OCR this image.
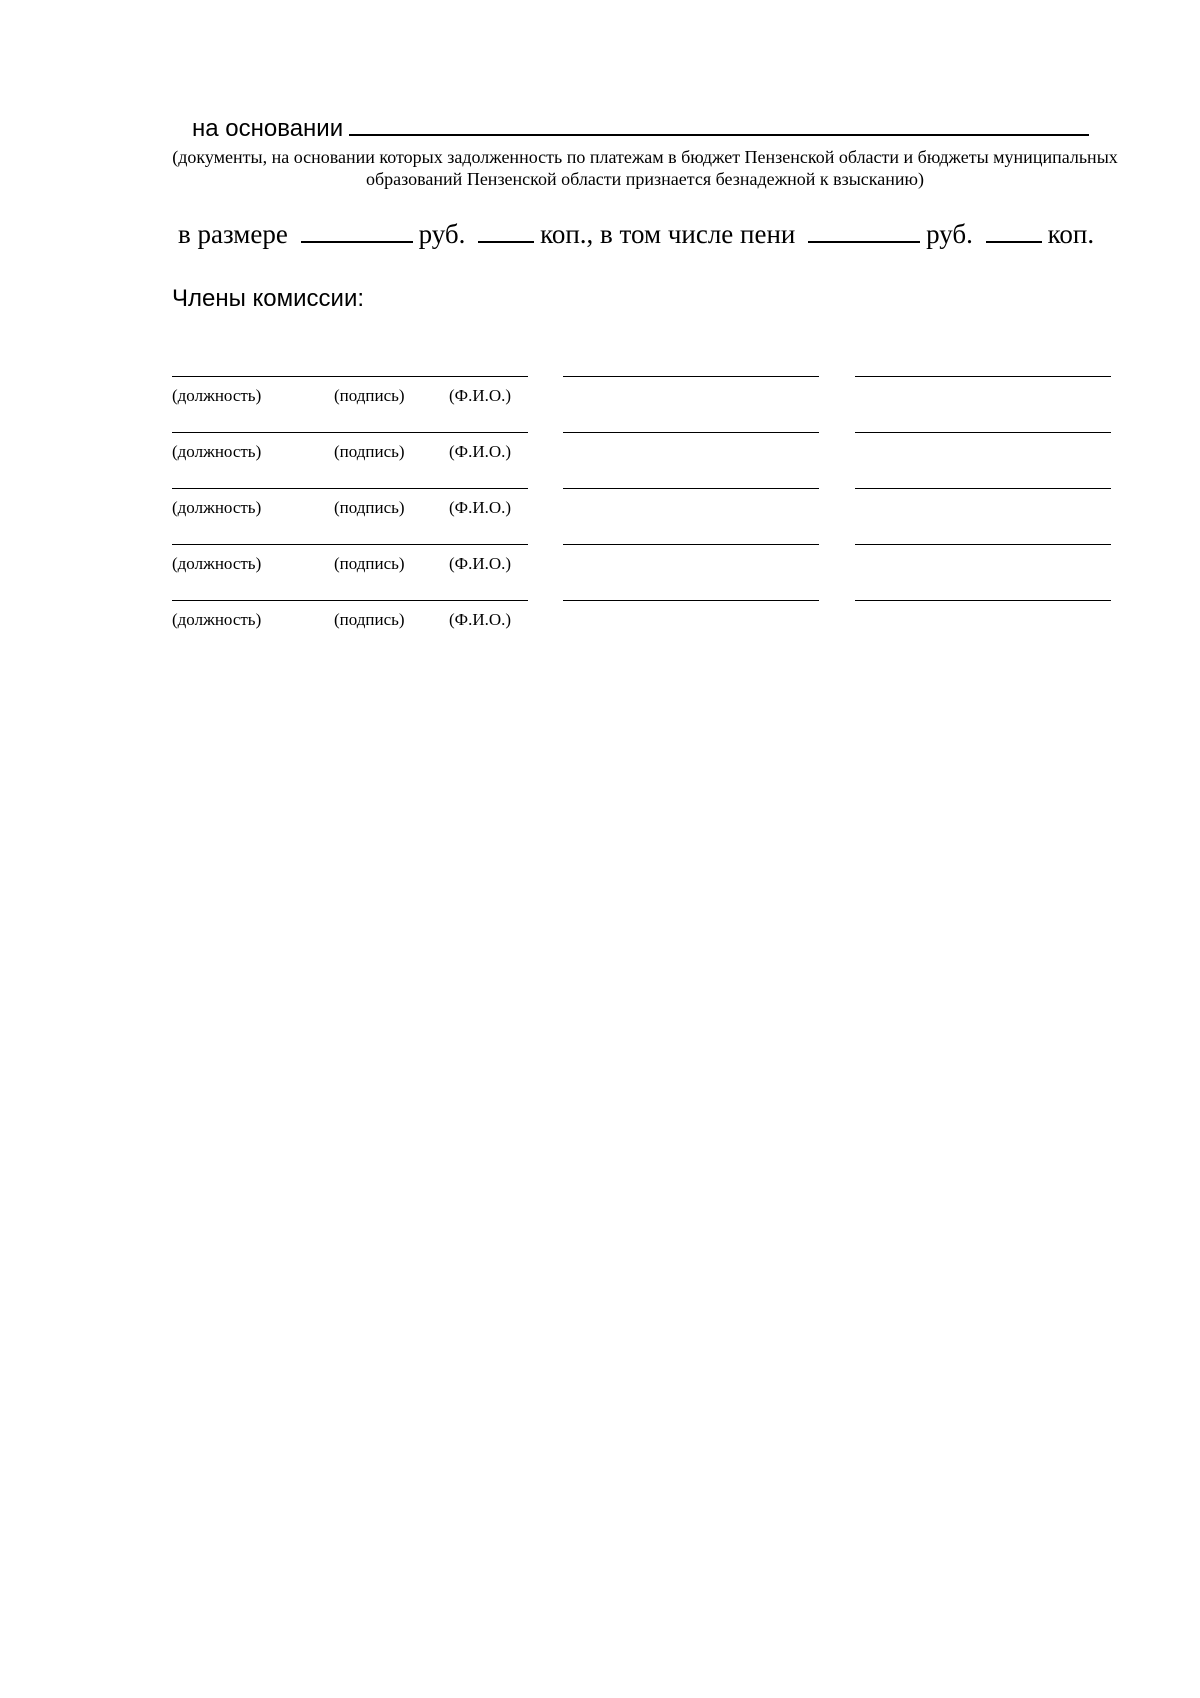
на основании
(документы, на основании которых задолженность по платежам в бюджет Пензенской области и бюджеты муниципальных образований Пензенской области признается безнадежной к взысканию)
в размере	руб.	коп., в том числе пени	руб.	коп.
Члены комиссии:
(должность)	(подпись)	(Ф.И.О.)
(должность)	(подпись)	(Ф.И.О.)
(должность)	(подпись)	(Ф.И.О.)
(должность)	(подпись)	(Ф.И.О.)
(должность)	(подпись)	(Ф.И.О.)
